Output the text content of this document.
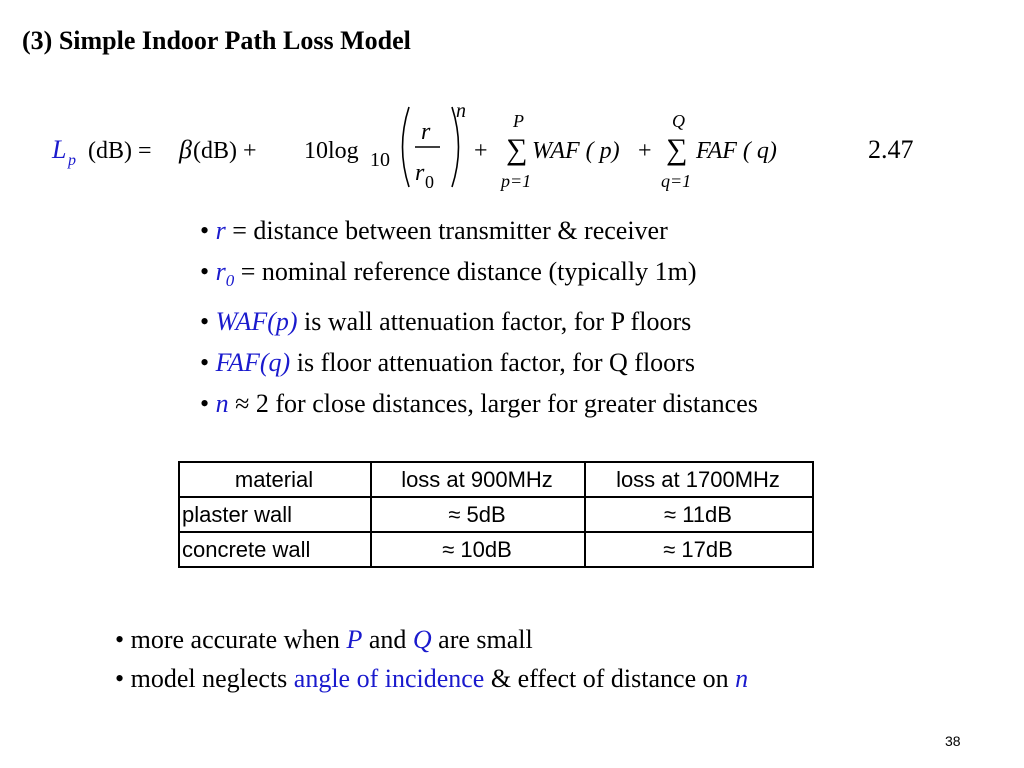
(3) Simple Indoor Path Loss Model
L p (dB) = β (dB) + 10log 10
r
r 0
n
+
P
∑
p=1
WAF ( p) +
Q
∑
q=1
FAF ( q)	2.47
• r = distance between transmitter & receiver
• $r_0$ = nominal reference distance (typically 1m)
• WAF(p) is wall attenuation factor, for P floors
• FAF(q) is floor attenuation factor, for Q floors
• n ≈ 2 for close distances, larger for greater distances
material	loss at 900MHz	loss at 1700MHz
plaster wall	≈ 5dB	≈ 11dB
concrete wall	≈ 10dB	≈ 17dB
• more accurate when P and Q are small
• model neglects angle of incidence & effect of distance on n
38
